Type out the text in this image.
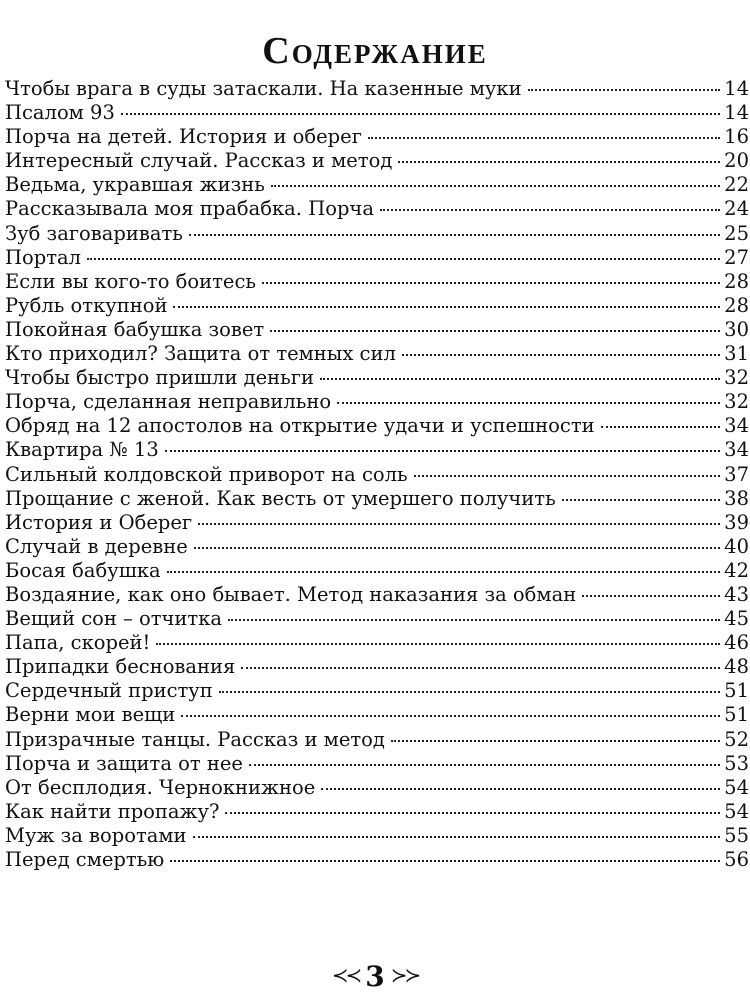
Содержание
Чтобы врага в суды затаскали. На казенные муки	14
Псалом 93	14
Порча на детей. История и оберег	16
Интересный случай. Рассказ и метод	20
Ведьма, укравшая жизнь	22
Рассказывала моя прабабка. Порча	24
Зуб заговаривать	25
Портал	27
Если вы кого-то боитесь	28
Рубль откупной	28
Покойная бабушка зовет	30
Кто приходил? Защита от темных сил	31
Чтобы быстро пришли деньги	32
Порча, сделанная неправильно	32
Обряд на 12 апостолов на открытие удачи и успешности	34
Квартира № 13	34
Сильный колдовской приворот на соль	37
Прощание с женой. Как весть от умершего получить	38
История и Оберег	39
Случай в деревне	40
Босая бабушка	42
Воздаяние, как оно бывает. Метод наказания за обман	43
Вещий сон – отчитка	45
Папа, скорей!	46
Припадки беснования	48
Сердечный приступ	51
Верни мои вещи	51
Призрачные танцы. Рассказ и метод	52
Порча и защита от нее	53
От бесплодия. Чернокнижное	54
Как найти пропажу?	54
Муж за воротами	55
Перед смертью	56
≺≺ 3 ≻≻
